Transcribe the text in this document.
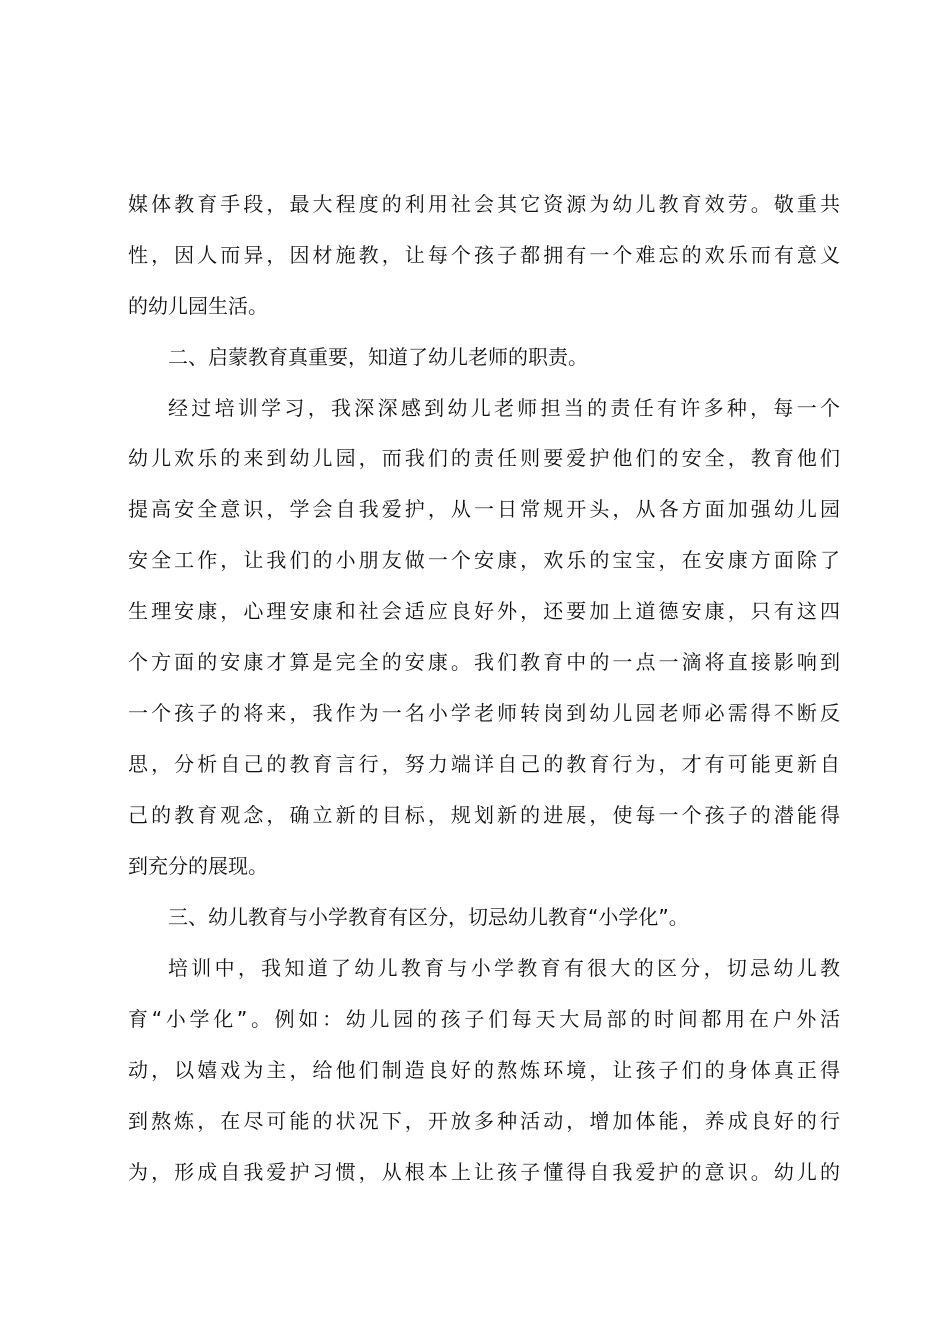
媒体教育手段，最大程度的利用社会其它资源为幼儿教育效劳。敬重共
性，因人而异，因材施教，让每个孩子都拥有一个难忘的欢乐而有意义
的幼儿园生活。
二、启蒙教育真重要，知道了幼儿老师的职责。
经过培训学习，我深深感到幼儿老师担当的责任有许多种，每一个
幼儿欢乐的来到幼儿园，而我们的责任则要爱护他们的安全，教育他们
提高安全意识，学会自我爱护，从一日常规开头，从各方面加强幼儿园
安全工作，让我们的小朋友做一个安康，欢乐的宝宝，在安康方面除了
生理安康，心理安康和社会适应良好外，还要加上道德安康，只有这四
个方面的安康才算是完全的安康。我们教育中的一点一滴将直接影响到
一个孩子的将来，我作为一名小学老师转岗到幼儿园老师必需得不断反
思，分析自己的教育言行，努力端详自己的教育行为，才有可能更新自
己的教育观念，确立新的目标，规划新的进展，使每一个孩子的潜能得
到充分的展现。
三、幼儿教育与小学教育有区分，切忌幼儿教育“小学化”。
培训中，我知道了幼儿教育与小学教育有很大的区分，切忌幼儿教
育“小学化”。例如：幼儿园的孩子们每天大局部的时间都用在户外活
动，以嬉戏为主，给他们制造良好的熬炼环境，让孩子们的身体真正得
到熬炼，在尽可能的状况下，开放多种活动，增加体能，养成良好的行
为，形成自我爱护习惯，从根本上让孩子懂得自我爱护的意识。幼儿的
